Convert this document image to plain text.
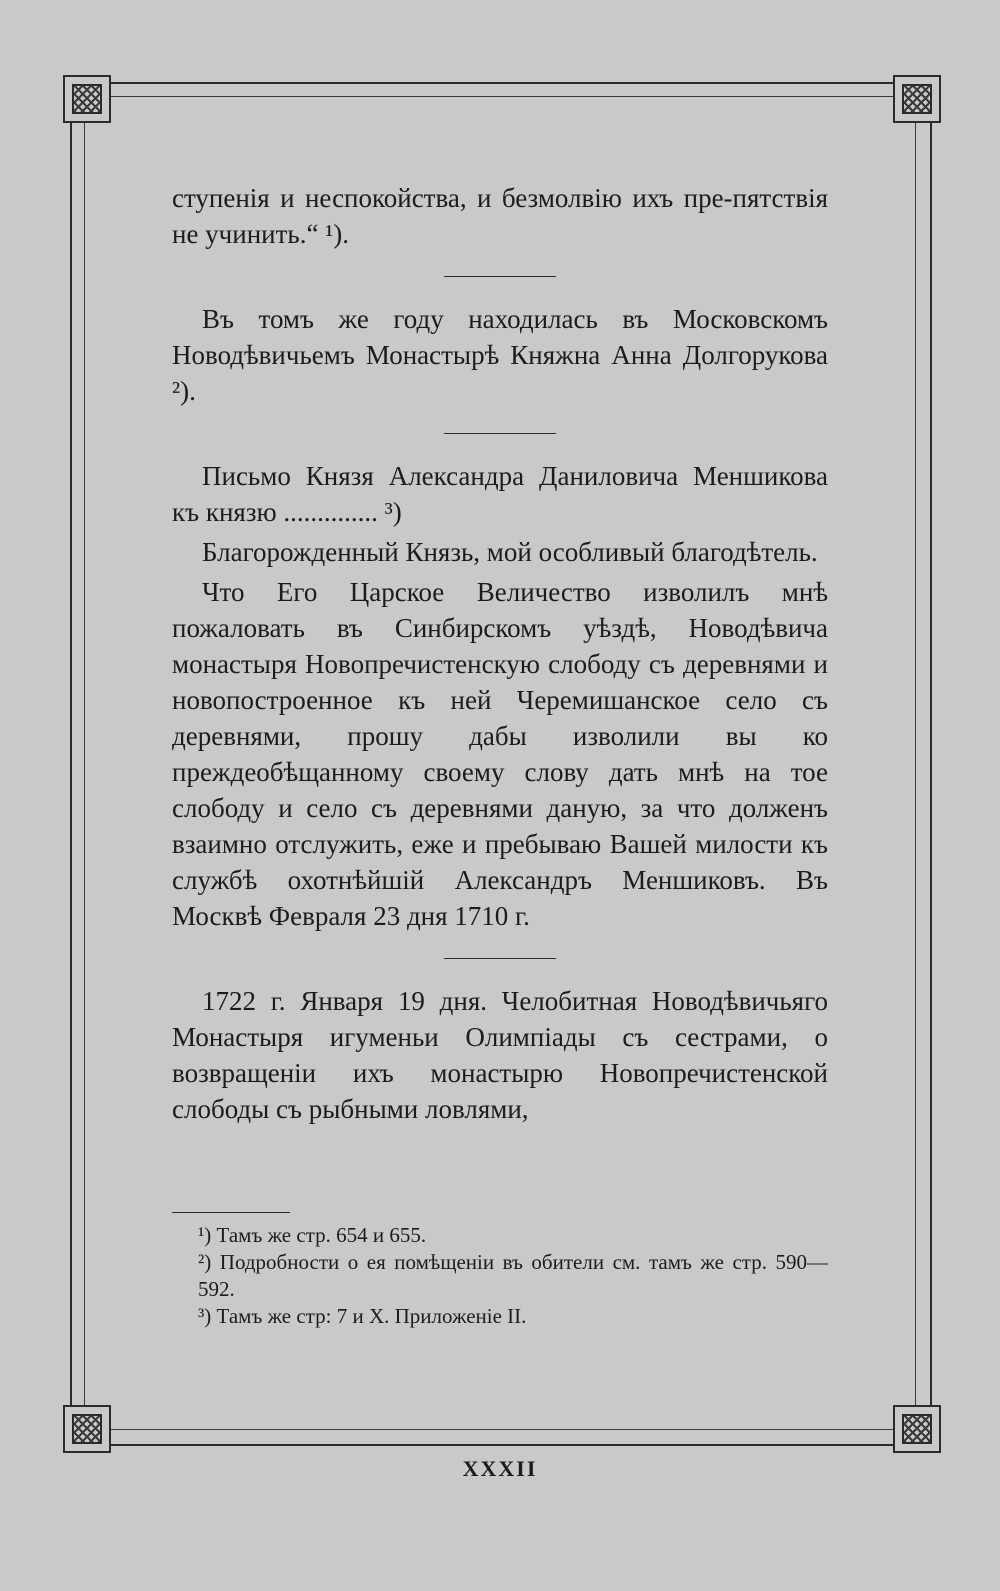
ступенія и неспокойства, и безмолвію ихъ пре-пятствія не учинить.“ ¹).

Въ томъ же году находилась въ Московскомъ Новодѣвичьемъ Монастырѣ Княжна Анна Долгорукова ²).

Письмо Князя Александра Даниловича Меншикова къ князю .............. ³)

Благорожденный Князь, мой особливый благодѣтель.

Что Его Царское Величество изволилъ мнѣ пожаловать въ Синбирскомъ уѣздѣ, Новодѣвича монастыря Новопречистенскую слободу съ деревнями и новопостроенное къ ней Черемишанское село съ деревнями, прошу дабы изволили вы ко преждеобѣщанному своему слову дать мнѣ на тое слободу и село съ деревнями даную, за что долженъ взаимно отслужить, еже и пребываю Вашей милости къ службѣ охотнѣйшій Александръ Меншиковъ. Въ Москвѣ Февраля 23 дня 1710 г.

1722 г. Января 19 дня. Челобитная Новодѣвичьяго Монастыря игуменьи Олимпіады съ сестрами, о возвращеніи ихъ монастырю Новопречистенской слободы съ рыбными ловлями,

¹) Тамъ же стр. 654 и 655.

²) Подробности о ея помѣщеніи въ обители см. тамъ же стр. 590—592.

³) Тамъ же стр: 7 и Х. Приложеніе II.

XXXII
